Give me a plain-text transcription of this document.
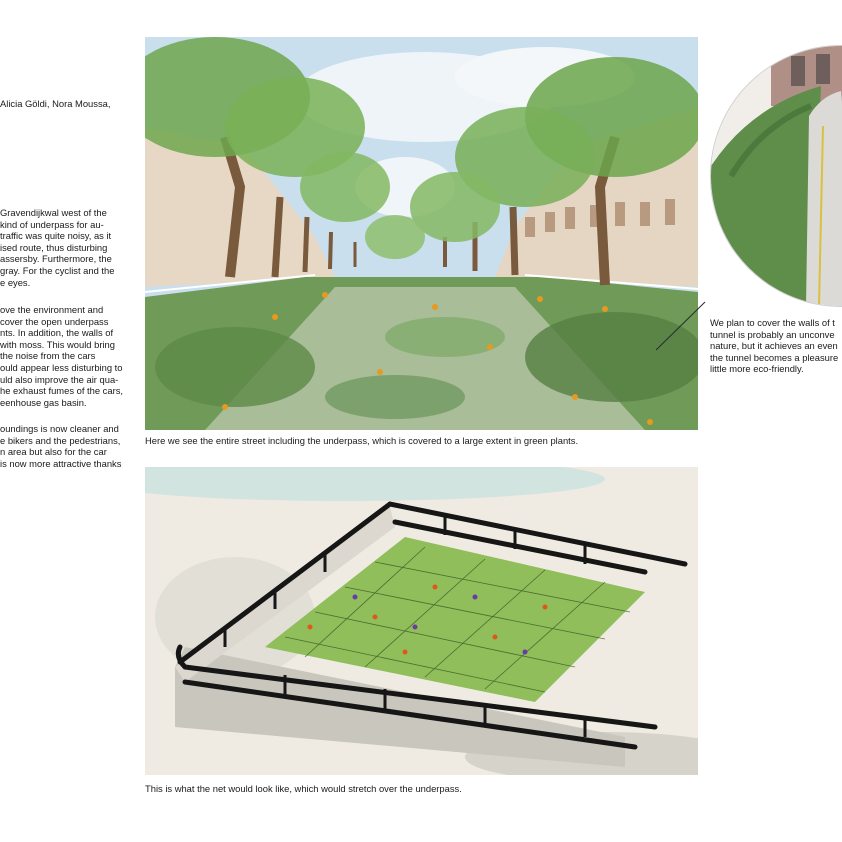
Alicia Göldi, Nora Moussa,
Gravendijkwal west of the
kind of underpass for au-
traffic was quite noisy, as it
ised route, thus disturbing
assersby. Furthermore, the
gray. For the cyclist and the
e eyes.
ove the environment and
cover the open underpass
nts. In addition, the walls of
with moss. This would bring
the noise from the cars
ould appear less disturbing to
uld also improve the air qua-
he exhaust fumes of the cars,
eenhouse gas basin.
oundings is now cleaner and
e bikers and the pedestrians,
n area but also for the car
is now more attractive thanks
Here we see the entire street including the underpass, which is covered to a large extent in green plants.
This is what the net would look like, which would stretch over the underpass.
We plan to cover the walls of t
tunnel is probably an unconve
nature, but it achieves an even
the tunnel becomes a pleasure
little more eco-friendly.
